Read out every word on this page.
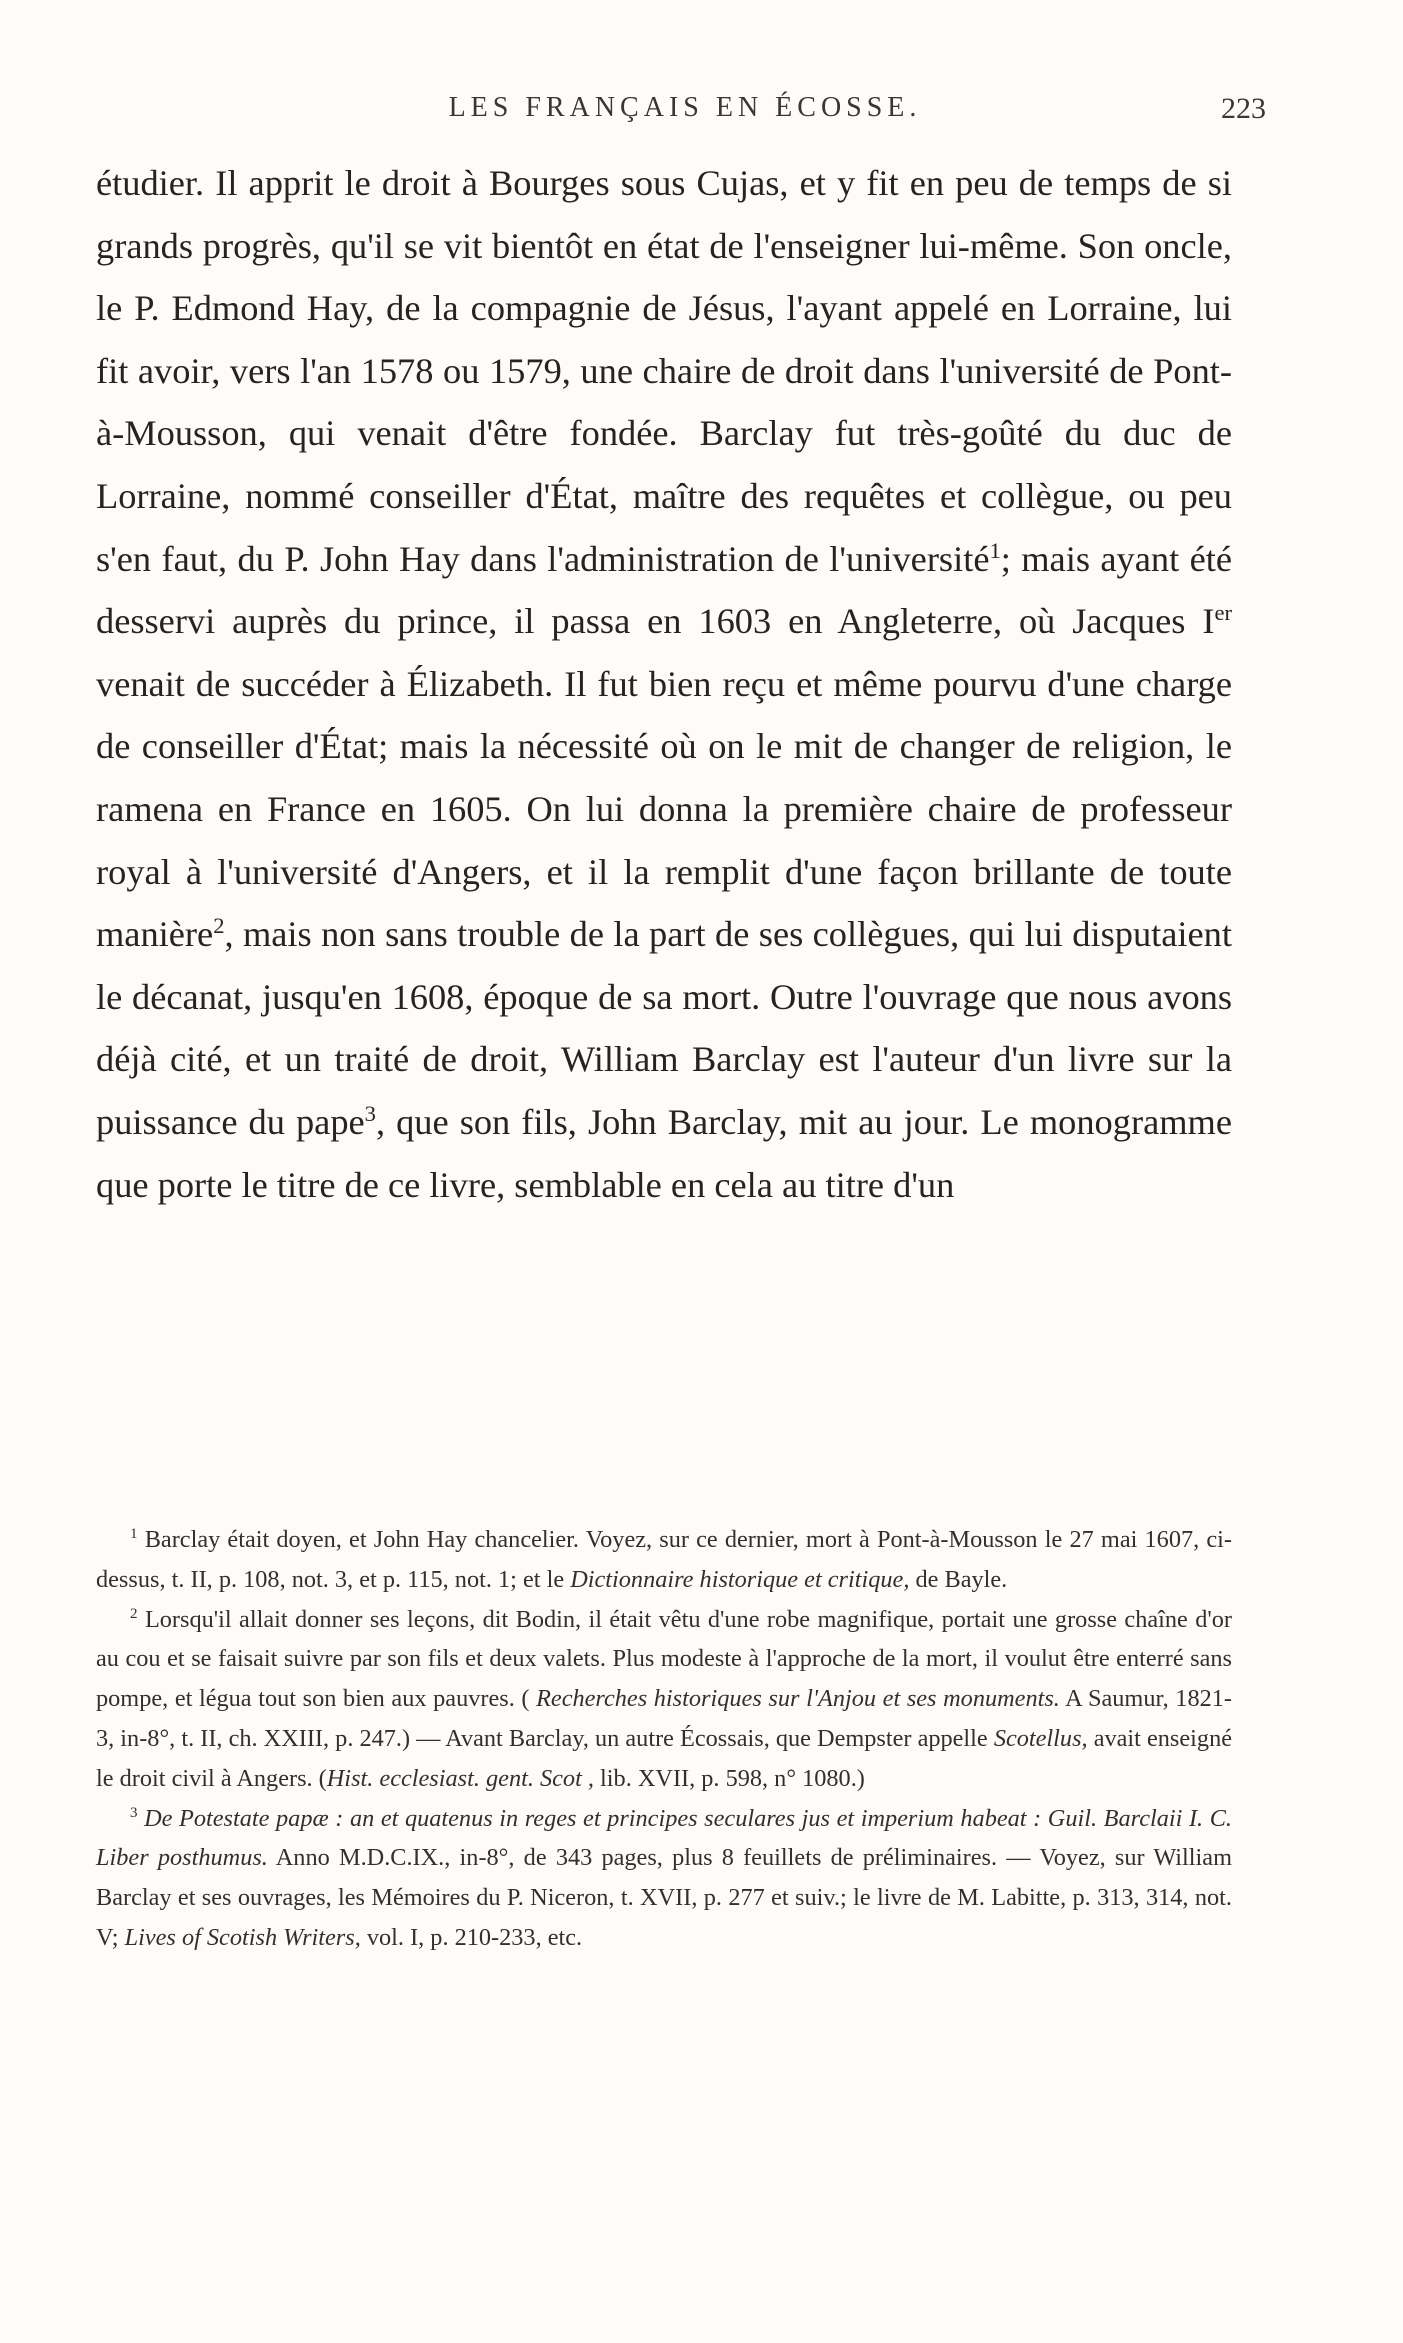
LES FRANÇAIS EN ÉCOSSE.	223

étudier. Il apprit le droit à Bourges sous Cujas, et y fit en peu de temps de si grands progrès, qu'il se vit bientôt en état de l'enseigner lui-même. Son oncle, le P. Edmond Hay, de la compagnie de Jésus, l'ayant appelé en Lorraine, lui fit avoir, vers l'an 1578 ou 1579, une chaire de droit dans l'université de Pont-à-Mousson, qui venait d'être fondée. Barclay fut très-goûté du duc de Lorraine, nommé conseiller d'État, maître des requêtes et collègue, ou peu s'en faut, du P. John Hay dans l'administration de l'université$^1$; mais ayant été desservi auprès du prince, il passa en 1603 en Angleterre, où Jacques Ier venait de succéder à Élizabeth. Il fut bien reçu et même pourvu d'une charge de conseiller d'État; mais la nécessité où on le mit de changer de religion, le ramena en France en 1605. On lui donna la première chaire de professeur royal à l'université d'Angers, et il la remplit d'une façon brillante de toute manière$^2$, mais non sans trouble de la part de ses collègues, qui lui disputaient le décanat, jusqu'en 1608, époque de sa mort. Outre l'ouvrage que nous avons déjà cité, et un traité de droit, William Barclay est l'auteur d'un livre sur la puissance du pape$^3$, que son fils, John Barclay, mit au jour. Le monogramme que porte le titre de ce livre, semblable en cela au titre d'un

$^1$ Barclay était doyen, et John Hay chancelier. Voyez, sur ce dernier, mort à Pont-à-Mousson le 27 mai 1607, ci-dessus, t. II, p. 108, not. 3, et p. 115, not. 1; et le Dictionnaire historique et critique, de Bayle.

$^2$ Lorsqu'il allait donner ses leçons, dit Bodin, il était vêtu d'une robe magnifique, portait une grosse chaîne d'or au cou et se faisait suivre par son fils et deux valets. Plus modeste à l'approche de la mort, il voulut être enterré sans pompe, et légua tout son bien aux pauvres. ( Recherches historiques sur l'Anjou et ses monuments. A Saumur, 1821-3, in-8°, t. II, ch. XXIII, p. 247.) — Avant Barclay, un autre Écossais, que Dempster appelle Scotellus, avait enseigné le droit civil à Angers. (Hist. ecclesiast. gent. Scot , lib. XVII, p. 598, n° 1080.)

$^3$ De Potestate papæ : an et quatenus in reges et principes seculares jus et imperium habeat : Guil. Barclaii I. C. Liber posthumus. Anno M.D.C.IX., in-8°, de 343 pages, plus 8 feuillets de préliminaires. — Voyez, sur William Barclay et ses ouvrages, les Mémoires du P. Niceron, t. XVII, p. 277 et suiv.; le livre de M. Labitte, p. 313, 314, not. V; Lives of Scotish Writers, vol. I, p. 210-233, etc.
